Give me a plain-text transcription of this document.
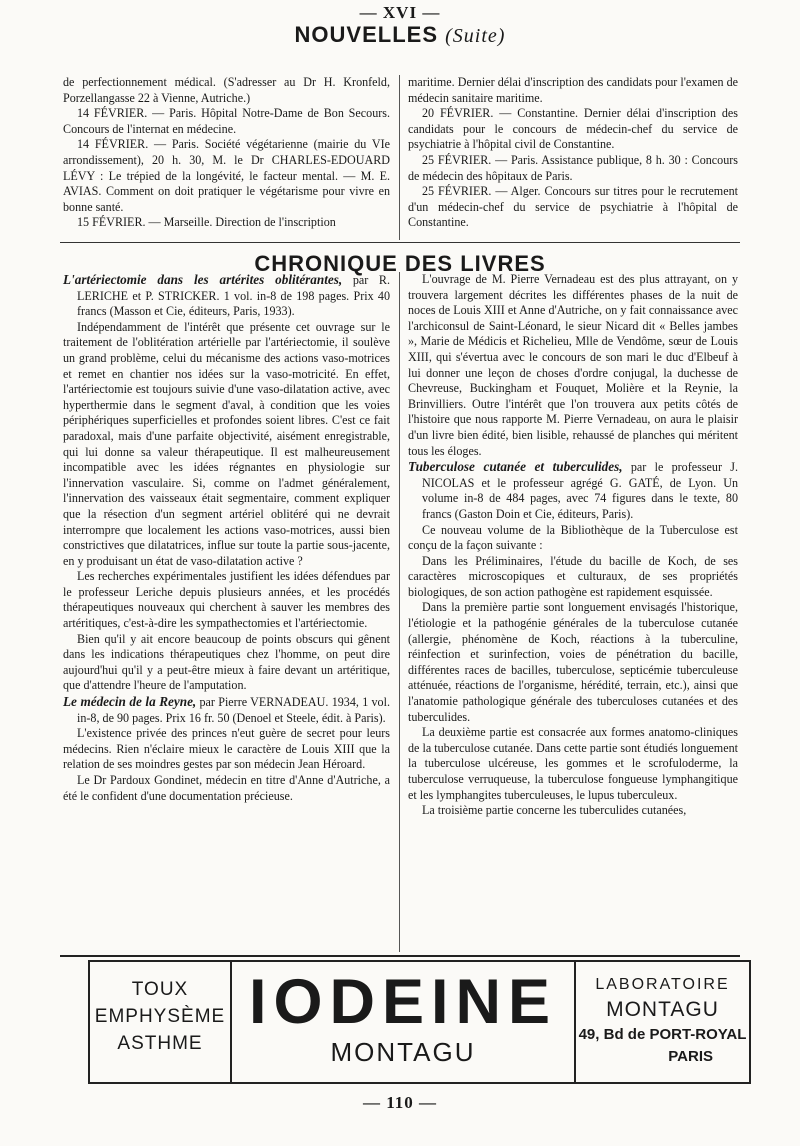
— XVI —
NOUVELLES (Suite)

de perfectionnement médical. (S'adresser au Dr H. Kronfeld, Porzellangasse 22 à Vienne, Autriche.)

14 FÉVRIER. — Paris. Hôpital Notre-Dame de Bon Secours. Concours de l'internat en médecine.

14 FÉVRIER. — Paris. Société végétarienne (mairie du VIe arrondissement), 20 h. 30, M. le Dr CHARLES-EDOUARD LÉVY : Le trépied de la longévité, le facteur mental. — M. E. AVIAS. Comment on doit pratiquer le végétarisme pour vivre en bonne santé.

15 FÉVRIER. — Marseille. Direction de l'inscription

maritime. Dernier délai d'inscription des candidats pour l'examen de médecin sanitaire maritime.

20 FÉVRIER. — Constantine. Dernier délai d'inscription des candidats pour le concours de médecin-chef du service de psychiatrie à l'hôpital civil de Constantine.

25 FÉVRIER. — Paris. Assistance publique, 8 h. 30 : Concours de médecin des hôpitaux de Paris.

25 FÉVRIER. — Alger. Concours sur titres pour le recrutement d'un médecin-chef du service de psychiatrie à l'hôpital de Constantine.

CHRONIQUE DES LIVRES

L'artériectomie dans les artérites oblitérantes, par R. LERICHE et P. STRICKER. 1 vol. in-8 de 198 pages. Prix 40 francs (Masson et Cie, éditeurs, Paris, 1933).

Indépendamment de l'intérêt que présente cet ouvrage sur le traitement de l'oblitération artérielle par l'artériectomie, il soulève un grand problème, celui du mécanisme des actions vaso-motrices et remet en chantier nos idées sur la vaso-motricité. En effet, l'artériectomie est toujours suivie d'une vaso-dilatation active, avec hyperthermie dans le segment d'aval, à condition que les voies périphériques superficielles et profondes soient libres. C'est ce fait paradoxal, mais d'une parfaite objectivité, aisément enregistrable, qui lui donne sa valeur thérapeutique. Il est malheureusement incompatible avec les idées régnantes en physiologie sur l'innervation vasculaire. Si, comme on l'admet généralement, l'innervation des vaisseaux était segmentaire, comment expliquer que la résection d'un segment artériel oblitéré qui ne devrait interrompre que localement les actions vaso-motrices, aussi bien constrictives que dilatatrices, influe sur toute la partie sous-jacente, en y produisant un état de vaso-dilatation active ?

Les recherches expérimentales justifient les idées défendues par le professeur Leriche depuis plusieurs années, et les procédés thérapeutiques nouveaux qui cherchent à sauver les membres des artéritiques, c'est-à-dire les sympathectomies et l'artériectomie.

Bien qu'il y ait encore beaucoup de points obscurs qui gênent dans les indications thérapeutiques chez l'homme, on peut dire aujourd'hui qu'il y a peut-être mieux à faire devant un artéritique, que d'attendre l'heure de l'amputation.

Le médecin de la Reyne, par Pierre VERNADEAU. 1934, 1 vol. in-8, de 90 pages. Prix 16 fr. 50 (Denoel et Steele, édit. à Paris).

L'existence privée des princes n'eut guère de secret pour leurs médecins. Rien n'éclaire mieux le caractère de Louis XIII que la relation de ses moindres gestes par son médecin Jean Héroard.

Le Dr Pardoux Gondinet, médecin en titre d'Anne d'Autriche, a été le confident d'une documentation précieuse.

L'ouvrage de M. Pierre Vernadeau est des plus attrayant, on y trouvera largement décrites les différentes phases de la nuit de noces de Louis XIII et Anne d'Autriche, on y fait connaissance avec l'archiconsul de Saint-Léonard, le sieur Nicard dit « Belles jambes », Marie de Médicis et Richelieu, Mlle de Vendôme, sœur de Louis XIII, qui s'évertua avec le concours de son mari le duc d'Elbeuf à lui donner une leçon de choses d'ordre conjugal, la duchesse de Chevreuse, Buckingham et Fouquet, Molière et la Reynie, la Brinvilliers. Outre l'intérêt que l'on trouvera aux petits côtés de l'histoire que nous rapporte M. Pierre Vernadeau, on aura le plaisir d'un livre bien édité, bien lisible, rehaussé de planches qui méritent tous les éloges.

Tuberculose cutanée et tuberculides, par le professeur J. NICOLAS et le professeur agrégé G. GATÉ, de Lyon. Un volume in-8 de 484 pages, avec 74 figures dans le texte, 80 francs (Gaston Doin et Cie, éditeurs, Paris).

Ce nouveau volume de la Bibliothèque de la Tuberculose est conçu de la façon suivante :

Dans les Préliminaires, l'étude du bacille de Koch, de ses caractères microscopiques et culturaux, de ses propriétés biologiques, de son action pathogène est rapidement esquissée.

Dans la première partie sont longuement envisagés l'historique, l'étiologie et la pathogénie générales de la tuberculose cutanée (allergie, phénomène de Koch, réactions à la tuberculine, réinfection et surinfection, voies de pénétration du bacille, différentes races de bacilles, tuberculose, septicémie tuberculeuse atténuée, réactions de l'organisme, hérédité, terrain, etc.), ainsi que l'anatomie pathologique générale des tuberculoses cutanées et des tuberculides.

La deuxième partie est consacrée aux formes anatomo-cliniques de la tuberculose cutanée. Dans cette partie sont étudiés longuement la tuberculose ulcéreuse, les gommes et le scrofuloderme, la tuberculose verruqueuse, la tuberculose fongueuse lymphangitique et les lymphangites tuberculeuses, le lupus tuberculeux.

La troisième partie concerne les tuberculides cutanées,

TOUX
EMPHYSÈME
ASTHME
IODEINE
MONTAGU
LABORATOIRE
MONTAGU
49, Bd de PORT-ROYAL
PARIS
— 110 —
